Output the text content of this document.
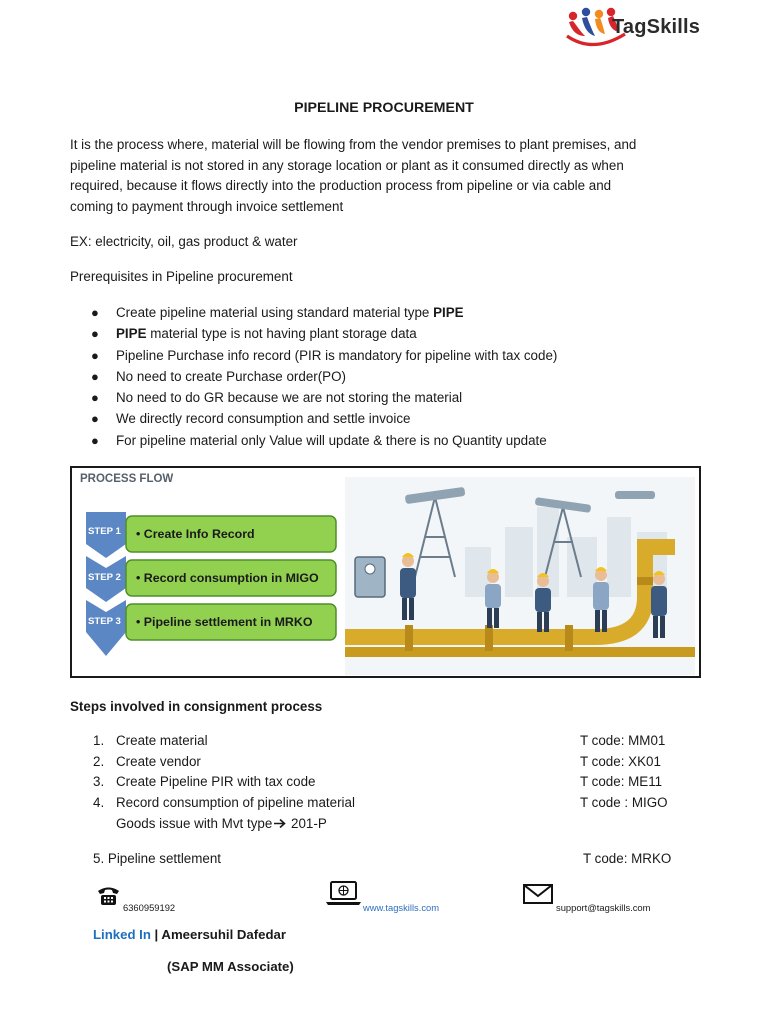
TagSkills
PIPELINE PROCUREMENT
It is the process where, material will be flowing from the vendor premises to plant premises, and
pipeline material is not stored in any storage location or plant as it consumed directly as when
required, because it flows directly into the production process from pipeline or via cable and
coming to payment through invoice settlement
EX: electricity, oil, gas product & water
Prerequisites in Pipeline procurement
● Create pipeline material using standard material type PIPE
● PIPE material type is not having plant storage data
● Pipeline Purchase info record (PIR is mandatory for pipeline with tax code)
● No need to create Purchase order(PO)
● No need to do GR because we are not storing the material
● We directly record consumption and settle invoice
● For pipeline material only Value will update & there is no Quantity update
PROCESS FLOW
STEP 1
STEP 2
STEP 3
• Create Info Record
• Record consumption in MIGO
• Pipeline settlement in MRKO
Steps involved in consignment process
1. Create material	T code: MM01
2. Create vendor	T code: XK01
3. Create Pipeline PIR with tax code	T code: ME11
4. Record consumption of pipeline material	T code : MIGO
Goods issue with Mvt type 201-P
5. Pipeline settlement	T code: MRKO
6360959192	www.tagskills.com	support@tagskills.com
Linked In | Ameersuhil Dafedar
(SAP MM Associate)
